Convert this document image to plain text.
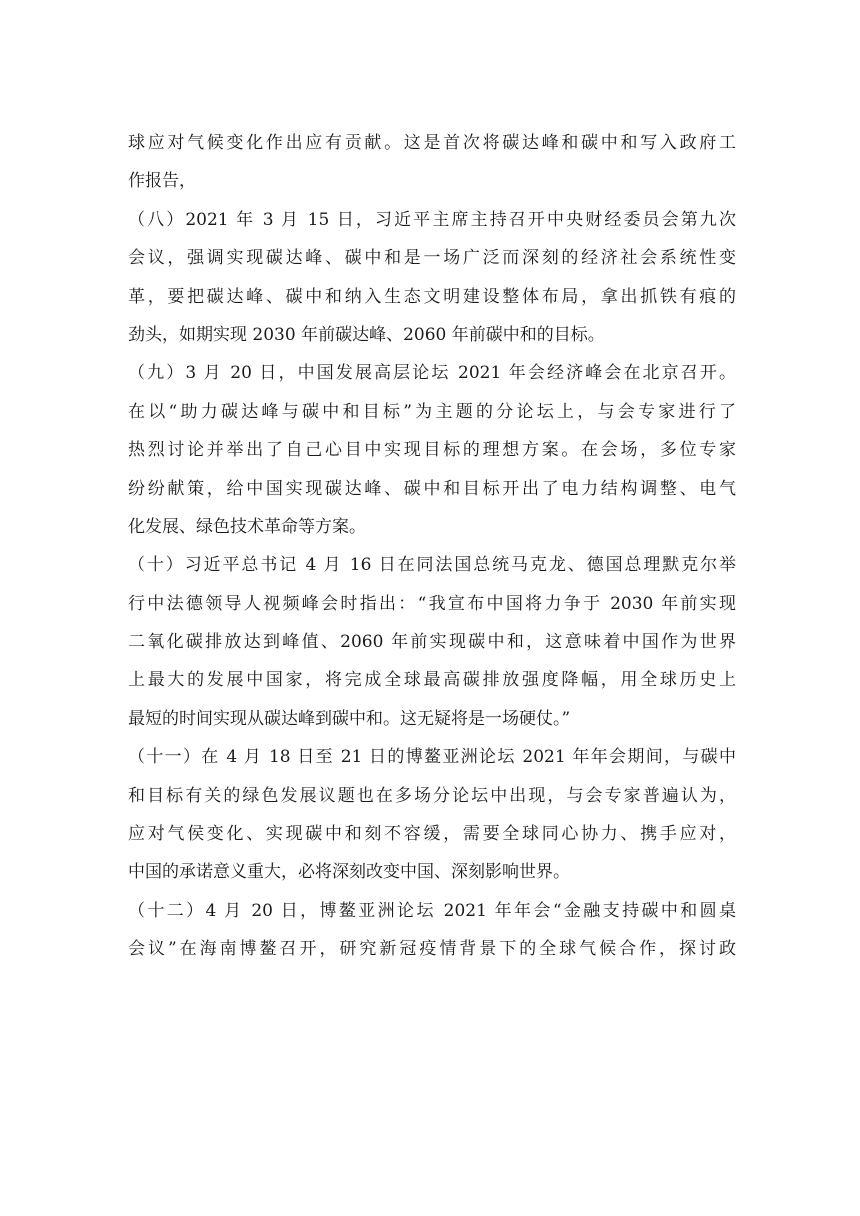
球应对气候变化作出应有贡献。这是首次将碳达峰和碳中和写入政府工
作报告，
（八）2021 年 3 月 15 日，习近平主席主持召开中央财经委员会第九次
会议，强调实现碳达峰、碳中和是一场广泛而深刻的经济社会系统性变
革，要把碳达峰、碳中和纳入生态文明建设整体布局，拿出抓铁有痕的
劲头，如期实现 2030 年前碳达峰、2060 年前碳中和的目标。
（九）3 月 20 日，中国发展高层论坛 2021 年会经济峰会在北京召开。
在以“助力碳达峰与碳中和目标”为主题的分论坛上，与会专家进行了
热烈讨论并举出了自己心目中实现目标的理想方案。在会场，多位专家
纷纷献策，给中国实现碳达峰、碳中和目标开出了电力结构调整、电气
化发展、绿色技术革命等方案。
（十）习近平总书记 4 月 16 日在同法国总统马克龙、德国总理默克尔举
行中法德领导人视频峰会时指出：“我宣布中国将力争于 2030 年前实现
二氧化碳排放达到峰值、2060 年前实现碳中和，这意味着中国作为世界
上最大的发展中国家，将完成全球最高碳排放强度降幅，用全球历史上
最短的时间实现从碳达峰到碳中和。这无疑将是一场硬仗。”
（十一）在 4 月 18 日至 21 日的博鳌亚洲论坛 2021 年年会期间，与碳中
和目标有关的绿色发展议题也在多场分论坛中出现，与会专家普遍认为，
应对气侯变化、实现碳中和刻不容缓，需要全球同心协力、携手应对，
中国的承诺意义重大，必将深刻改变中国、深刻影响世界。
（十二）4 月 20 日，博鳌亚洲论坛 2021 年年会“金融支持碳中和圆桌
会议”在海南博鳌召开，研究新冠疫情背景下的全球气候合作，探讨政
